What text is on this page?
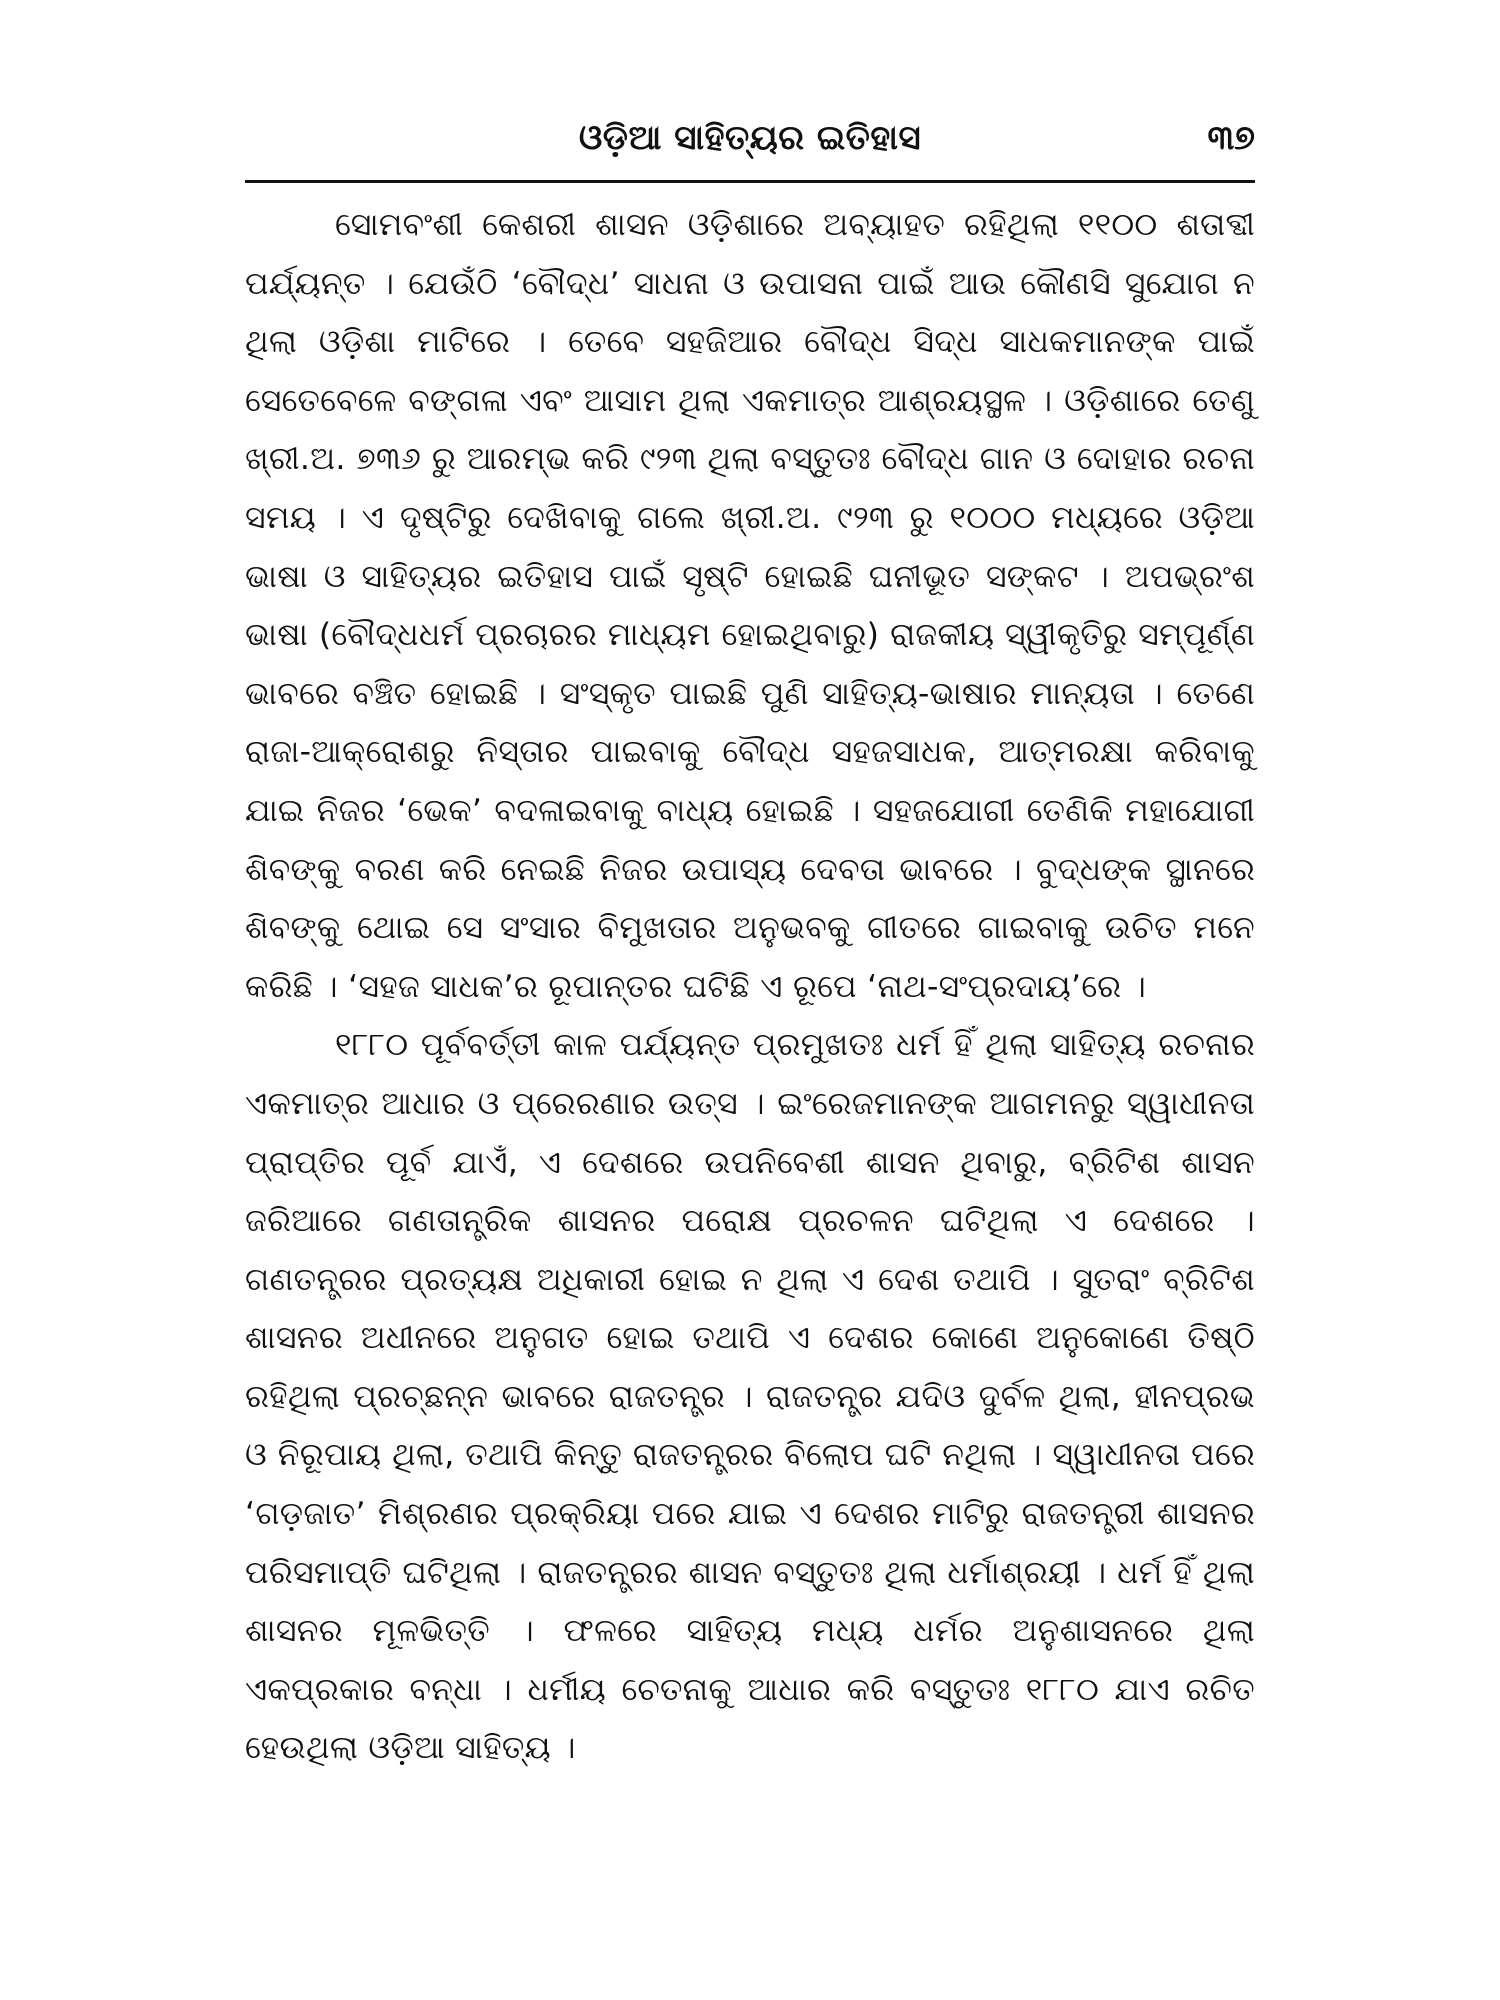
ଓଡ଼ିଆ ସାହିତ୍ୟର ଇତିହାସ	୩୭

ସୋମବଂଶୀ କେଶରୀ ଶାସନ ଓଡ଼ିଶାରେ ଅବ୍ୟାହତ ରହିଥିଲା ୧୧୦୦ ଶତାବ୍ଦୀ ପର୍ଯ୍ୟନ୍ତ । ଯେଉଁଠି ‘ବୌଦ୍ଧ’ ସାଧନା ଓ ଉପାସନା ପାଇଁ ଆଉ କୌଣସି ସୁଯୋଗ ନ ଥିଲା ଓଡ଼ିଶା ମାଟିରେ । ତେବେ ସହଜିଆର ବୌଦ୍ଧ ସିଦ୍ଧ ସାଧକମାନଙ୍କ ପାଇଁ ସେତେବେଳେ ବଙ୍ଗଳା ଏବଂ ଆସାମ ଥିଲା ଏକମାତ୍ର ଆଶ୍ରୟସ୍ଥଳ । ଓଡ଼ିଶାରେ ତେଣୁ ଖ୍ରୀ.ଅ. ୭୩୬ ରୁ ଆରମ୍ଭ କରି ୯୨୩ ଥିଲା ବସ୍ତୁତଃ ବୌଦ୍ଧ ଗାନ ଓ ଦୋହାର ରଚନା ସମୟ । ଏ ଦୃଷ୍ଟିରୁ ଦେଖିବାକୁ ଗଲେ ଖ୍ରୀ.ଅ. ୯୨୩ ରୁ ୧୦୦୦ ମଧ୍ୟରେ ଓଡ଼ିଆ ଭାଷା ଓ ସାହିତ୍ୟର ଇତିହାସ ପାଇଁ ସୃଷ୍ଟି ହୋଇଛି ଘନୀଭୂତ ସଙ୍କଟ । ଅପଭ୍ରଂଶ ଭାଷା (ବୌଦ୍ଧଧର୍ମ ପ୍ରଚାରର ମାଧ୍ୟମ ହୋଇଥିବାରୁ) ରାଜକୀୟ ସ୍ୱୀକୃତିରୁ ସମ୍ପୂର୍ଣ୍ଣ ଭାବରେ ବଞ୍ଚିତ ହୋଇଛି । ସଂସ୍କୃତ ପାଇଛି ପୁଣି ସାହିତ୍ୟ-ଭାଷାର ମାନ୍ୟତା । ତେଣେ ରାଜା-ଆକ୍ରୋଶରୁ ନିସ୍ତାର ପାଇବାକୁ ବୌଦ୍ଧ ସହଜସାଧକ, ଆତ୍ମରକ୍ଷା କରିବାକୁ ଯାଇ ନିଜର ‘ଭେକ’ ବଦଳାଇବାକୁ ବାଧ୍ୟ ହୋଇଛି । ସହଜଯୋଗୀ ତେଣିକି ମହାଯୋଗୀ ଶିବଙ୍କୁ ବରଣ କରି ନେଇଛି ନିଜର ଉପାସ୍ୟ ଦେବତା ଭାବରେ । ବୁଦ୍ଧଙ୍କ ସ୍ଥାନରେ ଶିବଙ୍କୁ ଥୋଇ ସେ ସଂସାର ବିମୁଖତାର ଅନୁଭବକୁ ଗୀତରେ ଗାଇବାକୁ ଉଚିତ ମନେ କରିଛି । ‘ସହଜ ସାଧକ’ର ରୂପାନ୍ତର ଘଟିଛି ଏ ରୂପେ ‘ନାଥ-ସଂପ୍ରଦାୟ’ରେ ।

୧୮୮୦ ପୂର୍ବବର୍ତ୍ତୀ କାଳ ପର୍ଯ୍ୟନ୍ତ ପ୍ରମୁଖତଃ ଧର୍ମ ହିଁ ଥିଲା ସାହିତ୍ୟ ରଚନାର ଏକମାତ୍ର ଆଧାର ଓ ପ୍ରେରଣାର ଉତ୍ସ । ଇଂରେଜମାନଙ୍କ ଆଗମନରୁ ସ୍ୱାଧୀନତା ପ୍ରାପ୍ତିର ପୂର୍ବ ଯାଏଁ, ଏ ଦେଶରେ ଉପନିବେଶୀ ଶାସନ ଥିବାରୁ, ବ୍ରିଟିଶ ଶାସନ ଜରିଆରେ ଗଣତାନ୍ତ୍ରିକ ଶାସନର ପରୋକ୍ଷ ପ୍ରଚଳନ ଘଟିଥିଲା ଏ ଦେଶରେ । ଗଣତନ୍ତ୍ରର ପ୍ରତ୍ୟକ୍ଷ ଅଧିକାରୀ ହୋଇ ନ ଥିଲା ଏ ଦେଶ ତଥାପି । ସୁତରାଂ ବ୍ରିଟିଶ ଶାସନର ଅଧୀନରେ ଅନୁଗତ ହୋଇ ତଥାପି ଏ ଦେଶର କୋଣେ ଅନୁକୋଣେ ତିଷ୍ଠି ରହିଥିଲା ପ୍ରଚ୍ଛନ୍ନ ଭାବରେ ରାଜତନ୍ତ୍ର । ରାଜତନ୍ତ୍ର ଯଦିଓ ଦୁର୍ବଳ ଥିଲା, ହୀନପ୍ରଭ ଓ ନିରୂପାୟ ଥିଲା, ତଥାପି କିନ୍ତୁ ରାଜତନ୍ତ୍ରର ବିଲୋପ ଘଟି ନଥିଲା । ସ୍ୱାଧୀନତା ପରେ ‘ଗଡ଼ଜାତ’ ମିଶ୍ରଣର ପ୍ରକ୍ରିୟା ପରେ ଯାଇ ଏ ଦେଶର ମାଟିରୁ ରାଜତନ୍ତ୍ରୀ ଶାସନର ପରିସମାପ୍ତି ଘଟିଥିଲା । ରାଜତନ୍ତ୍ରର ଶାସନ ବସ୍ତୁତଃ ଥିଲା ଧର୍ମାଶ୍ରୟୀ । ଧର୍ମ ହିଁ ଥିଲା ଶାସନର ମୂଳଭିତ୍ତି । ଫଳରେ ସାହିତ୍ୟ ମଧ୍ୟ ଧର୍ମର ଅନୁଶାସନରେ ଥିଲା ଏକପ୍ରକାର ବନ୍ଧା । ଧର୍ମୀୟ ଚେତନାକୁ ଆଧାର କରି ବସ୍ତୁତଃ ୧୮୮୦ ଯାଏ ରଚିତ ହେଉଥିଲା ଓଡ଼ିଆ ସାହିତ୍ୟ ।
